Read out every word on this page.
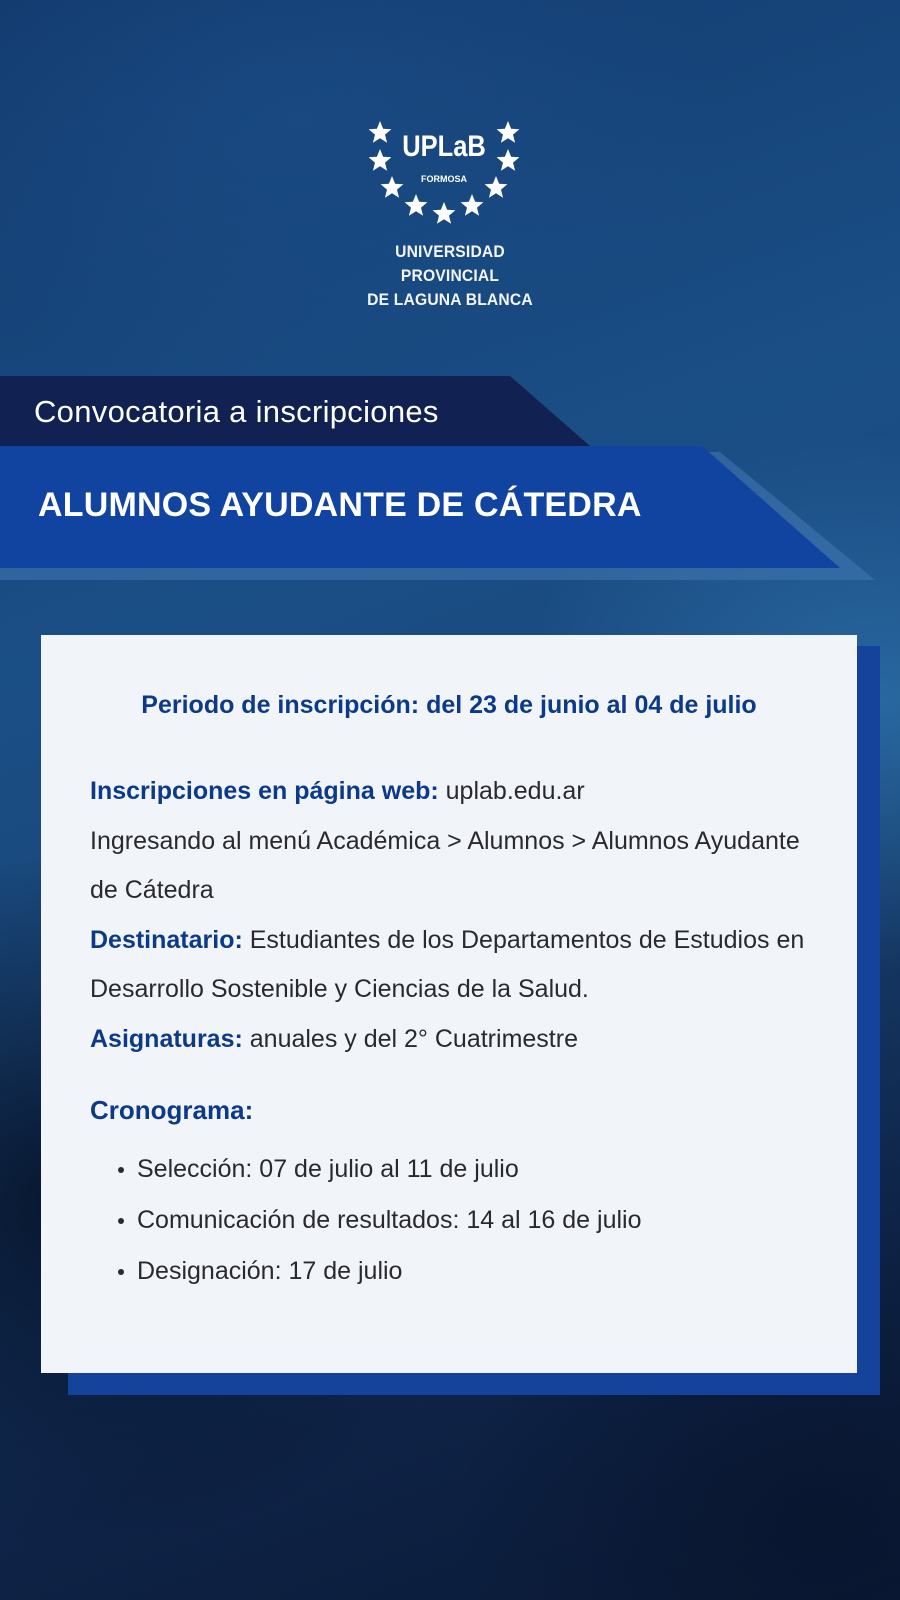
UPLaB
FORMOSA
UNIVERSIDAD PROVINCIAL
DE LAGUNA BLANCA
Convocatoria a inscripciones
ALUMNOS AYUDANTE DE CÁTEDRA
Periodo de inscripción: del 23 de junio al 04 de julio
Inscripciones en página web: uplab.edu.ar
Ingresando al menú Académica > Alumnos > Alumnos Ayudante de Cátedra
Destinatario: Estudiantes de los Departamentos de Estudios en Desarrollo Sostenible y Ciencias de la Salud.
Asignaturas: anuales y del 2° Cuatrimestre
Cronograma:
Selección: 07 de julio al 11 de julio
Comunicación de resultados: 14 al 16 de julio
Designación: 17 de julio
